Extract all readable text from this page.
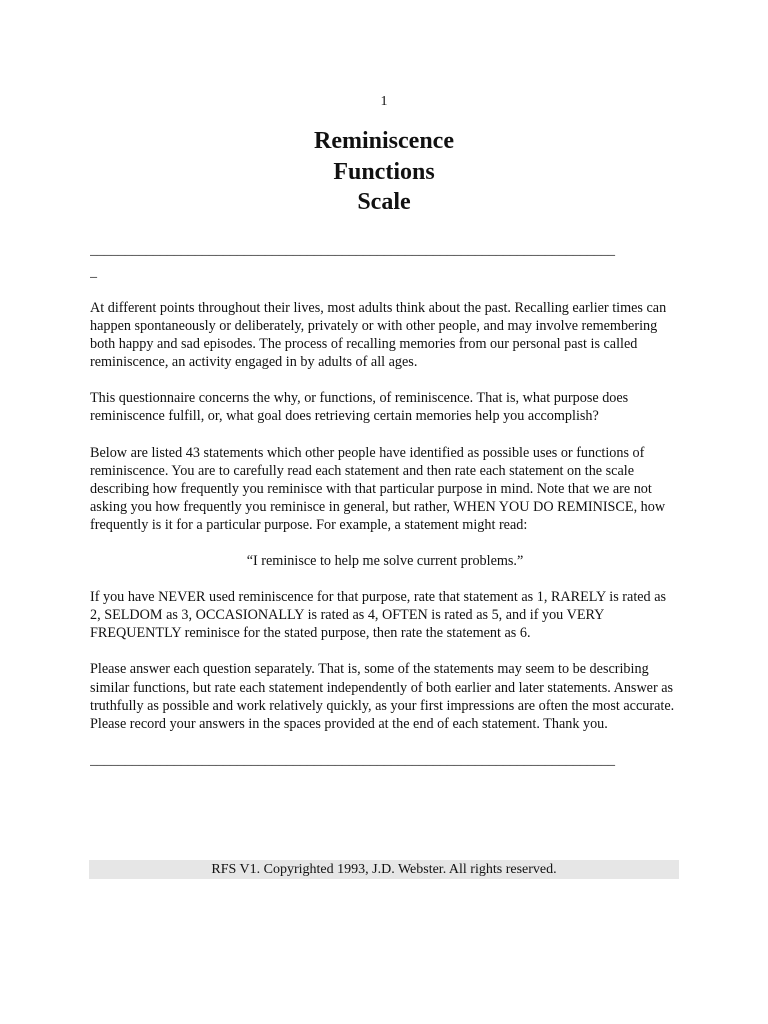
1
Reminiscence
Functions
Scale
___________________________________________________________________________
_

At different points throughout their lives, most adults think about the past. Recalling earlier times can happen spontaneously or deliberately, privately or with other people, and may involve remembering both happy and sad episodes. The process of recalling memories from our personal past is called reminiscence, an activity engaged in by adults of all ages.

This questionnaire concerns the why, or functions, of reminiscence. That is, what purpose does reminiscence fulfill, or, what goal does retrieving certain memories help you accomplish?

Below are listed 43 statements which other people have identified as possible uses or functions of reminiscence. You are to carefully read each statement and then rate each statement on the scale describing how frequently you reminisce with that particular purpose in mind. Note that we are not asking you how frequently you reminisce in general, but rather, WHEN YOU DO REMINISCE, how frequently is it for a particular purpose. For example, a statement might read:

“I reminisce to help me solve current problems.”

If you have NEVER used reminiscence for that purpose, rate that statement as 1, RARELY is rated as 2, SELDOM as 3, OCCASIONALLY is rated as 4, OFTEN is rated as 5, and if you VERY FREQUENTLY reminisce for the stated purpose, then rate the statement as 6.

Please answer each question separately. That is, some of the statements may seem to be describing similar functions, but rate each statement independently of both earlier and later statements. Answer as truthfully as possible and work relatively quickly, as your first impressions are often the most accurate. Please record your answers in the spaces provided at the end of each statement. Thank you.

___________________________________________________________________________
RFS V1. Copyrighted 1993, J.D. Webster. All rights reserved.
